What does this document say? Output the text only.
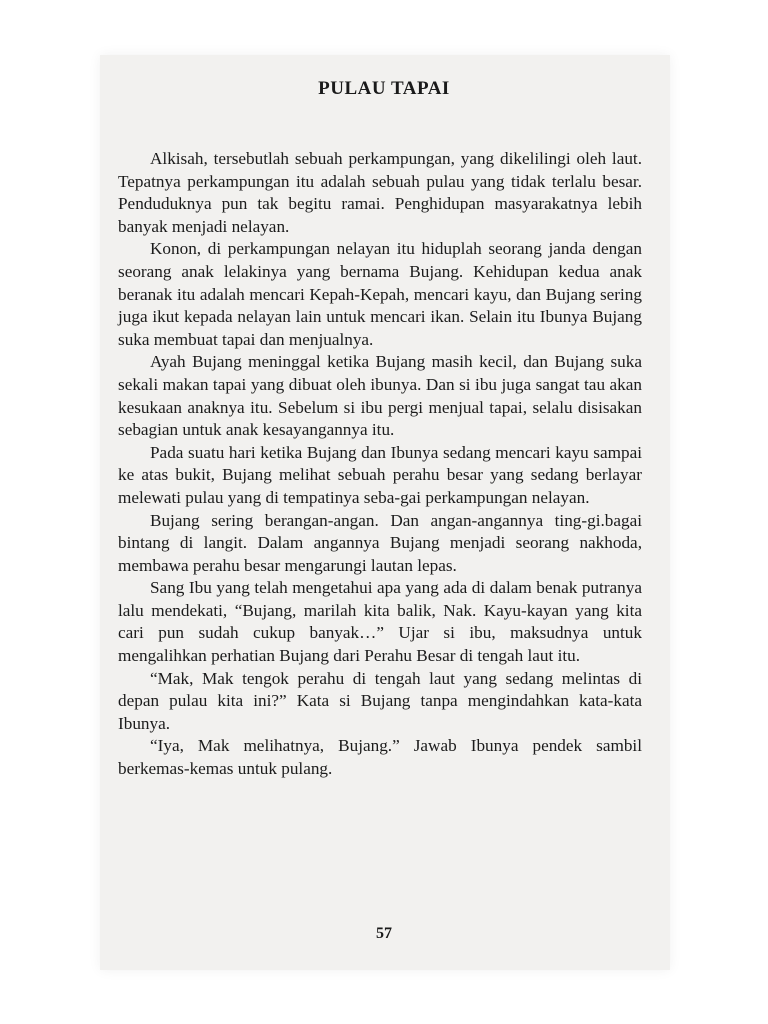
PULAU TAPAI

Alkisah, tersebutlah sebuah perkampungan, yang dikelilingi oleh laut. Tepatnya perkampungan itu adalah sebuah pulau yang tidak terlalu besar. Penduduknya pun tak begitu ramai. Penghidupan masyarakatnya lebih banyak menjadi nelayan.

Konon, di perkampungan nelayan itu hiduplah seorang janda dengan seorang anak lelakinya yang bernama Bujang. Kehidupan kedua anak beranak itu adalah mencari Kepah-Kepah, mencari kayu, dan Bujang sering juga ikut kepada nelayan lain untuk mencari ikan. Selain itu Ibunya Bujang suka membuat tapai dan menjualnya.

Ayah Bujang meninggal ketika Bujang masih kecil, dan Bujang suka sekali makan tapai yang dibuat oleh ibunya. Dan si ibu juga sangat tau akan kesukaan anaknya itu. Sebelum si ibu pergi menjual tapai, selalu disisakan sebagian untuk anak kesayangannya itu.

Pada suatu hari ketika Bujang dan Ibunya sedang mencari kayu sampai ke atas bukit, Bujang melihat sebuah perahu besar yang sedang berlayar melewati pulau yang di tempatinya seba-gai perkampungan nelayan.

Bujang sering berangan-angan. Dan angan-angannya ting-gi.bagai bintang di langit. Dalam angannya Bujang menjadi seorang nakhoda, membawa perahu besar mengarungi lautan lepas.

Sang Ibu yang telah mengetahui apa yang ada di dalam benak putranya lalu mendekati, “Bujang, marilah kita balik, Nak. Kayu-kayan yang kita cari pun sudah cukup banyak…” Ujar si ibu, maksudnya untuk mengalihkan perhatian Bujang dari Perahu Besar di tengah laut itu.

“Mak, Mak tengok perahu di tengah laut yang sedang melintas di depan pulau kita ini?” Kata si Bujang tanpa mengindahkan kata-kata Ibunya.

“Iya, Mak melihatnya, Bujang.” Jawab Ibunya pendek sambil berkemas-kemas untuk pulang.

57
